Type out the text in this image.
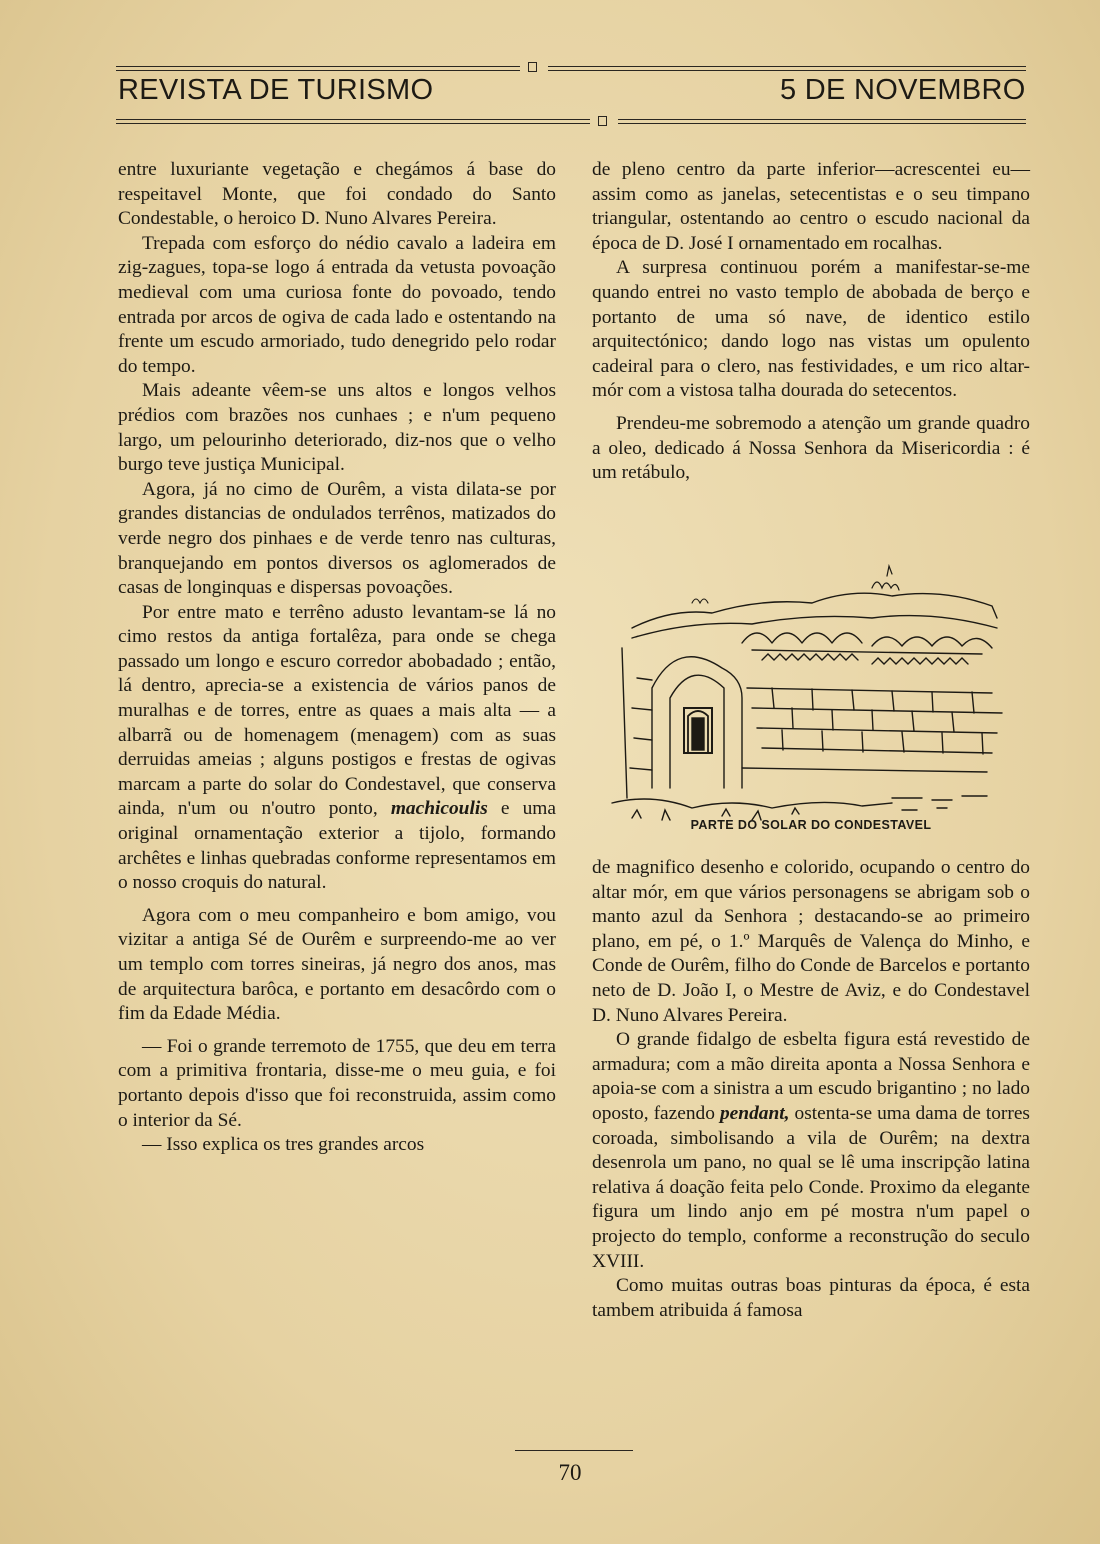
REVISTA DE TURISMO	5 DE NOVEMBRO

entre luxuriante vegetação e chegámos á base do respeitavel Monte, que foi condado do Santo Condestable, o heroico D. Nuno Alvares Pereira.

Trepada com esforço do nédio cavalo a ladeira em zig-zagues, topa-se logo á entrada da vetusta povoação medieval com uma curiosa fonte do povoado, tendo entrada por arcos de ogiva de cada lado e ostentando na frente um escudo armoriado, tudo denegrido pelo rodar do tempo.

Mais adeante vêem-se uns altos e longos velhos prédios com brazões nos cunhaes ; e n'um pequeno largo, um pelourinho deteriorado, diz-nos que o velho burgo teve justiça Municipal.

Agora, já no cimo de Ourêm, a vista dilata-se por grandes distancias de ondulados terrênos, matizados do verde negro dos pinhaes e de verde tenro nas culturas, branquejando em pontos diversos os aglomerados de casas de longinquas e dispersas povoações.

Por entre mato e terrêno adusto levantam-se lá no cimo restos da antiga fortalêza, para onde se chega passado um longo e escuro corredor abobadado ; então, lá dentro, aprecia-se a existencia de vários panos de muralhas e de torres, entre as quaes a mais alta — a albarrã ou de homenagem (menagem) com as suas derruidas ameias ; alguns postigos e frestas de ogivas marcam a parte do solar do Condestavel, que conserva ainda, n'um ou n'outro ponto, machicoulis e uma original ornamentação exterior a tijolo, formando archêtes e linhas quebradas conforme representamos em o nosso croquis do natural.

Agora com o meu companheiro e bom amigo, vou vizitar a antiga Sé de Ourêm e surpreendo-me ao ver um templo com torres sineiras, já negro dos anos, mas de arquitectura barôca, e portanto em desacôrdo com o fim da Edade Média.

— Foi o grande terremoto de 1755, que deu em terra com a primitiva frontaria, disse-me o meu guia, e foi portanto depois d'isso que foi reconstruida, assim como o interior da Sé.

— Isso explica os tres grandes arcos

de pleno centro da parte inferior—acrescentei eu—assim como as janelas, setecentistas e o seu timpano triangular, ostentando ao centro o escudo nacional da época de D. José I ornamentado em rocalhas.

A surpresa continuou porém a manifestar-se-me quando entrei no vasto templo de abobada de berço e portanto de uma só nave, de identico estilo arquitectónico; dando logo nas vistas um opulento cadeiral para o clero, nas festividades, e um rico altar-mór com a vistosa talha dourada do setecentos.

Prendeu-me sobremodo a atenção um grande quadro a oleo, dedicado á Nossa Senhora da Misericordia : é um retábulo,

PARTE DO SOLAR DO CONDESTAVEL

de magnifico desenho e colorido, ocupando o centro do altar mór, em que vários personagens se abrigam sob o manto azul da Senhora ; destacando-se ao primeiro plano, em pé, o 1.º Marquês de Valença do Minho, e Conde de Ourêm, filho do Conde de Barcelos e portanto neto de D. João I, o Mestre de Aviz, e do Condestavel D. Nuno Alvares Pereira.

O grande fidalgo de esbelta figura está revestido de armadura; com a mão direita aponta a Nossa Senhora e apoia-se com a sinistra a um escudo brigantino ; no lado oposto, fazendo pendant, ostenta-se uma dama de torres coroada, simbolisando a vila de Ourêm; na dextra desenrola um pano, no qual se lê uma inscripção latina relativa á doação feita pelo Conde. Proximo da elegante figura um lindo anjo em pé mostra n'um papel o projecto do templo, conforme a reconstrução do seculo XVIII.

Como muitas outras boas pinturas da época, é esta tambem atribuida á famosa

70
